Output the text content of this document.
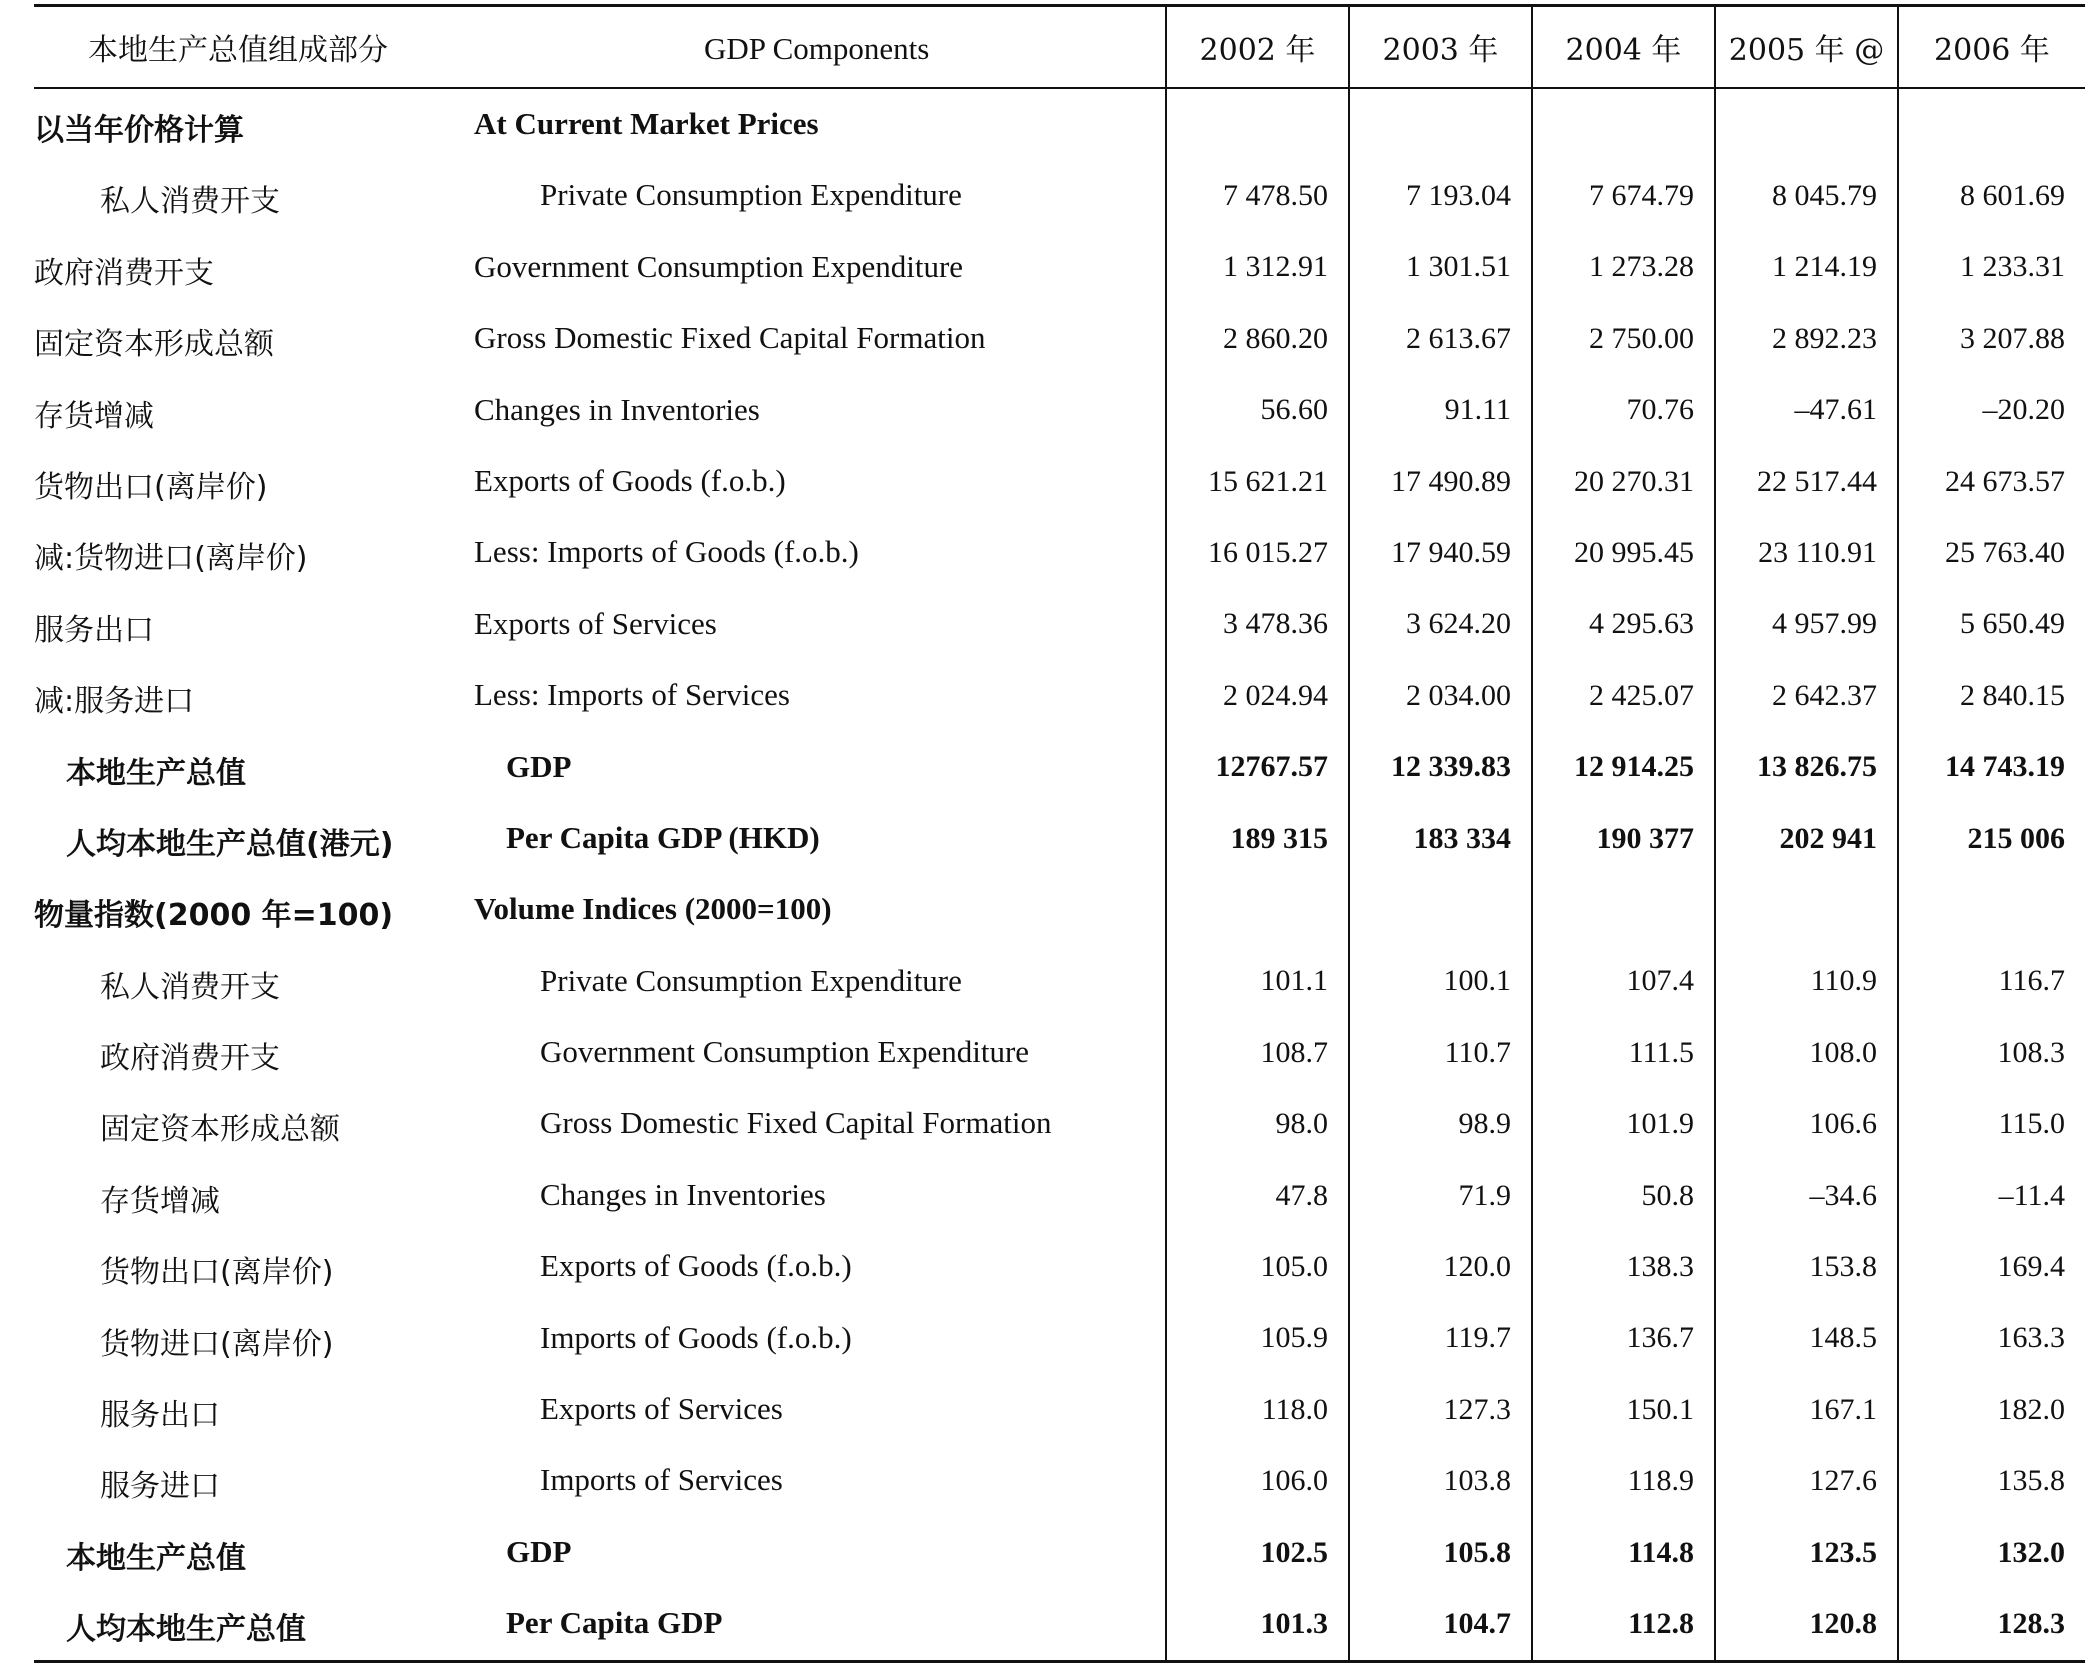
本地生产总值组成部分 GDP Components	2002 年	2003 年	2004 年	2005 年 @	2006 年

以当年价格计算 At Current Market Prices					

私人消费开支 Private Consumption Expenditure	7 478.50	7 193.04	7 674.79	8 045.79	8 601.69

政府消费开支 Government Consumption Expenditure	1 312.91	1 301.51	1 273.28	1 214.19	1 233.31

固定资本形成总额 Gross Domestic Fixed Capital Formation	2 860.20	2 613.67	2 750.00	2 892.23	3 207.88

存货增减 Changes in Inventories	56.60	91.11	70.76	–47.61	–20.20

货物出口(离岸价) Exports of Goods (f.o.b.)	15 621.21	17 490.89	20 270.31	22 517.44	24 673.57

减:货物进口(离岸价) Less: Imports of Goods (f.o.b.)	16 015.27	17 940.59	20 995.45	23 110.91	25 763.40

服务出口 Exports of Services	3 478.36	3 624.20	4 295.63	4 957.99	5 650.49

减:服务进口 Less: Imports of Services	2 024.94	2 034.00	2 425.07	2 642.37	2 840.15

本地生产总值 GDP	12767.57	12 339.83	12 914.25	13 826.75	14 743.19

人均本地生产总值(港元) Per Capita GDP (HKD)	189 315	183 334	190 377	202 941	215 006

物量指数(2000 年=100) Volume Indices (2000=100)					

私人消费开支 Private Consumption Expenditure	101.1	100.1	107.4	110.9	116.7

政府消费开支 Government Consumption Expenditure	108.7	110.7	111.5	108.0	108.3

固定资本形成总额 Gross Domestic Fixed Capital Formation	98.0	98.9	101.9	106.6	115.0

存货增减 Changes in Inventories	47.8	71.9	50.8	–34.6	–11.4

货物出口(离岸价) Exports of Goods (f.o.b.)	105.0	120.0	138.3	153.8	169.4

货物进口(离岸价) Imports of Goods (f.o.b.)	105.9	119.7	136.7	148.5	163.3

服务出口 Exports of Services	118.0	127.3	150.1	167.1	182.0

服务进口 Imports of Services	106.0	103.8	118.9	127.6	135.8

本地生产总值 GDP	102.5	105.8	114.8	123.5	132.0

人均本地生产总值 Per Capita GDP	101.3	104.7	112.8	120.8	128.3
